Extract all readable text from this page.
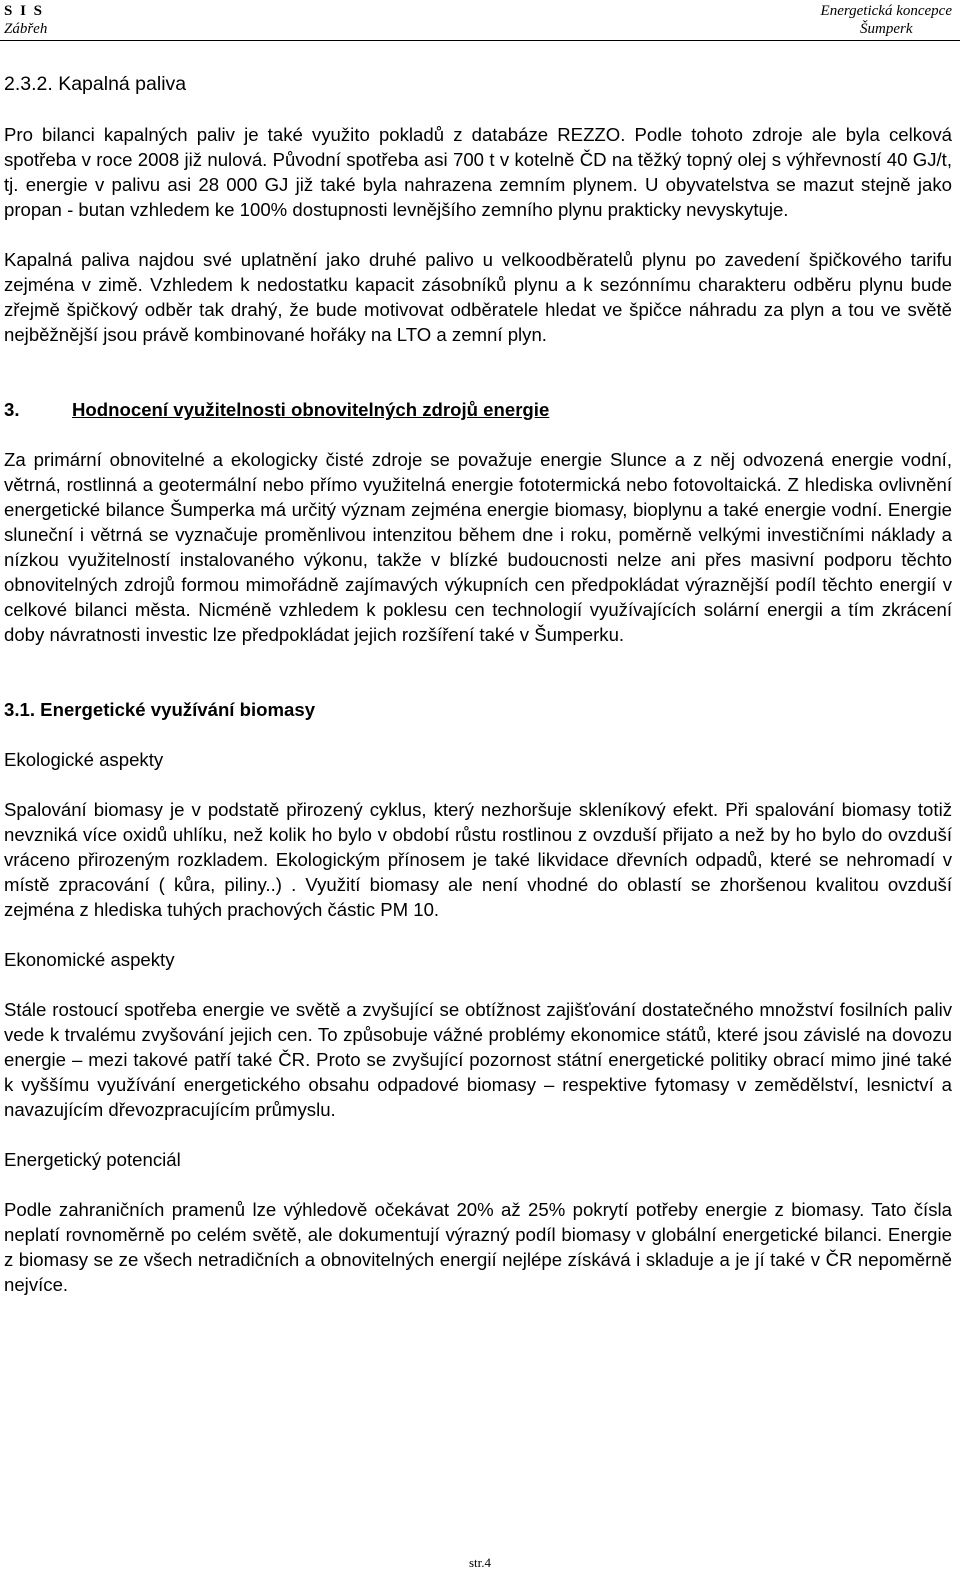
S I S
Zábřeh
Energetická koncepce
Šumperk
2.3.2. Kapalná paliva

Pro bilanci kapalných paliv je také využito pokladů z databáze REZZO. Podle tohoto zdroje ale byla celková spotřeba v roce 2008 již nulová. Původní spotřeba asi 700 t v kotelně ČD na těžký topný olej s výhřevností 40 GJ/t, tj. energie v palivu asi 28 000 GJ již také byla nahrazena zemním plynem. U obyvatelstva se mazut stejně jako propan - butan vzhledem ke 100% dostupnosti levnějšího zemního plynu prakticky nevyskytuje.

Kapalná paliva najdou své uplatnění jako druhé palivo u velkoodběratelů plynu po zavedení špičkového tarifu zejména v zimě. Vzhledem k nedostatku kapacit zásobníků plynu a k sezónnímu charakteru odběru plynu bude zřejmě špičkový odběr tak drahý, že bude motivovat odběratele hledat ve špičce náhradu za plyn a tou ve světě nejběžnější jsou právě kombinované hořáky na LTO a zemní plyn.

3.	Hodnocení využitelnosti obnovitelných zdrojů energie

Za primární obnovitelné a ekologicky čisté zdroje se považuje energie Slunce a z něj odvozená energie vodní, větrná, rostlinná a geotermální nebo přímo využitelná energie fototermická nebo fotovoltaická. Z hlediska ovlivnění energetické bilance Šumperka má určitý význam zejména energie biomasy, bioplynu a také energie vodní. Energie sluneční i větrná se vyznačuje proměnlivou intenzitou během dne i roku, poměrně velkými investičními náklady a nízkou využitelností instalovaného výkonu, takže v blízké budoucnosti nelze ani přes masivní podporu těchto obnovitelných zdrojů formou mimořádně zajímavých výkupních cen předpokládat výraznější podíl těchto energií v celkové bilanci města. Nicméně vzhledem k poklesu cen technologií využívajících solární energii a tím zkrácení doby návratnosti investic lze předpokládat jejich rozšíření také v Šumperku.

3.1. Energetické využívání biomasy
Ekologické aspekty

Spalování biomasy je v podstatě přirozený cyklus, který nezhoršuje skleníkový efekt. Při spalování biomasy totiž nevzniká více oxidů uhlíku, než kolik ho bylo v období růstu rostlinou z ovzduší přijato a než by ho bylo do ovzduší vráceno přirozeným rozkladem. Ekologickým přínosem je také likvidace dřevních odpadů, které se nehromadí v místě zpracování ( kůra, piliny..) . Využití biomasy ale není vhodné do oblastí se zhoršenou kvalitou ovzduší zejména z hlediska tuhých prachových částic PM 10.

Ekonomické aspekty

Stále rostoucí spotřeba energie ve světě a zvyšující se obtížnost zajišťování dostatečného množství fosilních paliv vede k trvalému zvyšování jejich cen. To způsobuje vážné problémy ekonomice států, které jsou závislé na dovozu energie – mezi takové patří také ČR. Proto se zvyšující pozornost státní energetické politiky obrací mimo jiné také k vyššímu využívání energetického obsahu odpadové biomasy – respektive fytomasy v zemědělství, lesnictví a navazujícím dřevozpracujícím průmyslu.

Energetický potenciál

Podle zahraničních pramenů lze výhledově očekávat 20% až 25% pokrytí potřeby energie z biomasy. Tato čísla neplatí rovnoměrně po celém světě, ale dokumentují výrazný podíl biomasy v globální energetické bilanci. Energie z biomasy se ze všech netradičních a obnovitelných energií nejlépe získává i skladuje a je jí také v ČR nepoměrně nejvíce.

str.4
